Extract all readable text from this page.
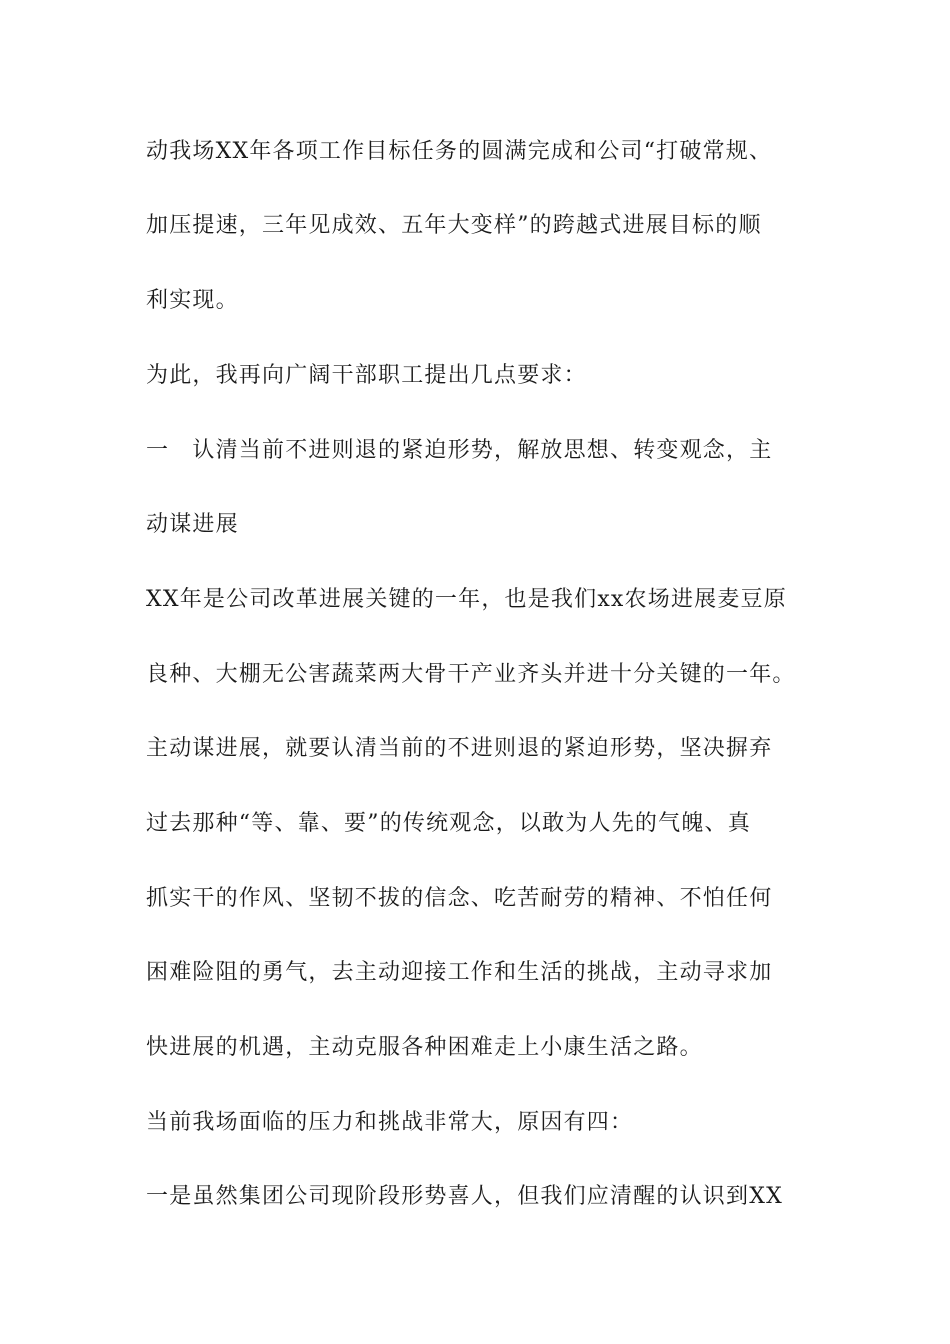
动我场XX年各项工作目标任务的圆满完成和公司“打破常规、
加压提速，三年见成效、五年大变样”的跨越式进展目标的顺
利实现。
为此，我再向广阔干部职工提出几点要求：
一　认清当前不进则退的紧迫形势，解放思想、转变观念，主
动谋进展
XX年是公司改革进展关键的一年，也是我们xx农场进展麦豆原
良种、大棚无公害蔬菜两大骨干产业齐头并进十分关键的一年。
主动谋进展，就要认清当前的不进则退的紧迫形势，坚决摒弃
过去那种“等、靠、要”的传统观念，以敢为人先的气魄、真
抓实干的作风、坚韧不拔的信念、吃苦耐劳的精神、不怕任何
困难险阻的勇气，去主动迎接工作和生活的挑战，主动寻求加
快进展的机遇，主动克服各种困难走上小康生活之路。
当前我场面临的压力和挑战非常大，原因有四：
一是虽然集团公司现阶段形势喜人，但我们应清醒的认识到XX
